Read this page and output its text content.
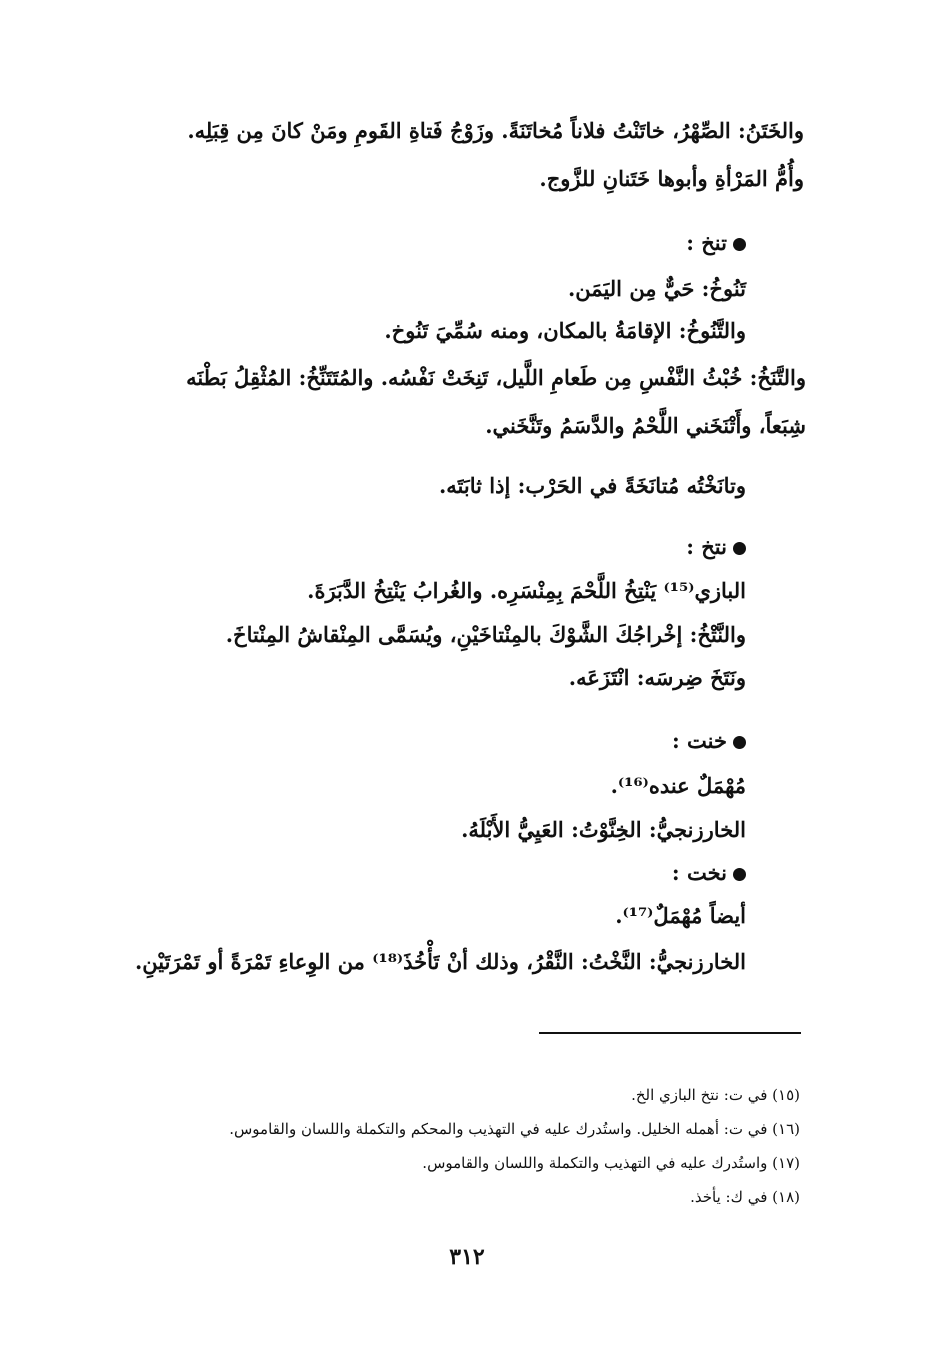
والخَتَنُ: الصِّهْرُ، خاتَنْتُ فلاناً مُخاتَنَةً. وزَوْجُ فَتاةِ القَومِ ومَنْ كانَ مِن قِبَلِه.
وأُمُّ المَرْأةِ وأبوها خَتَنانِ للزَّوج.
تنخ :
تَنُوخُ: حَيٌّ مِن اليَمَن.
والتَّنُوخُ: الإقامَةُ بالمكان، ومنه سُمِّيَ تَنُوخ.
والتَّنَخُ: خُبْثُ النَّفْسِ مِن طَعامِ اللَّيل، تَنِخَتْ نَفْسُه. والمُتَتَنِّخُ: المُثْقِلُ بَطْنَه
شِبَعاً، وأَتْنَخَني اللَّحْمُ والدَّسَمُ وتَنَّخَني.
وتانَخْتُه مُتانَخَةً في الحَرْب: إذا ثابَتَه.
نتخ :
البازي⁽¹⁵⁾ يَنْتِخُ اللَّحْمَ بِمِنْسَرِه. والغُرابُ يَنْتِخُ الدَّبَرَةَ.
والنَّتْخُ: إخْراجُكَ الشَّوْكَ بالمِنْتاخَيْنِ، ويُسَمَّى المِنْقاشُ المِنْتاخَ.
ونَتَخَ ضِرسَه: انْتَزَعَه.
خنت :
مُهْمَلٌ عنده⁽¹⁶⁾.
الخارزنجيُّ: الخِنَّوْتُ: العَيِيُّ الأَبْلَهُ.
نخت :
أيضاً مُهْمَلٌ⁽¹⁷⁾.
الخارزنجيُّ: النَّخْتُ: النَّقْرُ، وذلك أنْ تَأْخُذَ⁽¹⁸⁾ من الوِعاءِ تَمْرَةً أو تَمْرَتَيْنِ.
(١٥) في ت: نتخ البازي الخ.
(١٦) في ت: أهمله الخليل. واستُدرك عليه في التهذيب والمحكم والتكملة واللسان والقاموس.
(١٧) واستُدرك عليه في التهذيب والتكملة واللسان والقاموس.
(١٨) في ك: يأخذ.
٣١٢
